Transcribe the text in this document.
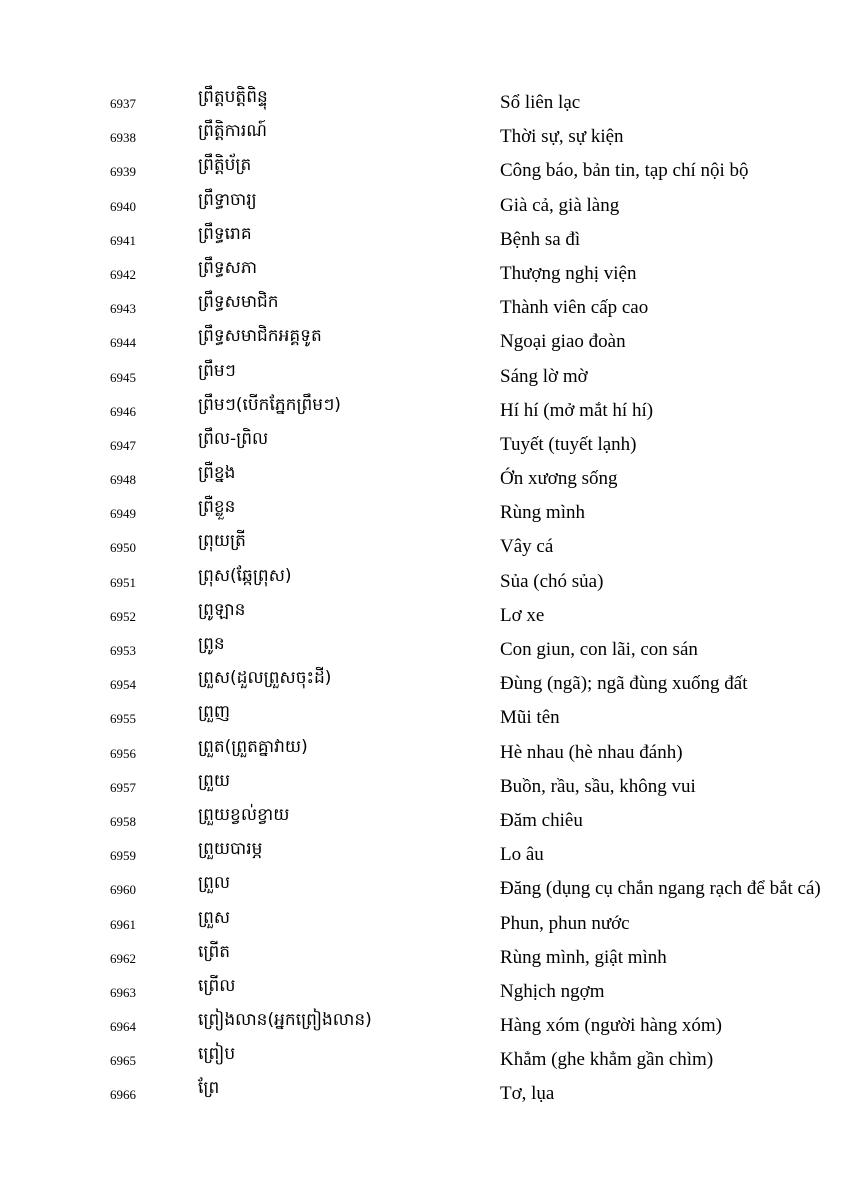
6937	ព្រឹត្តបត្តិពិន្ទុ	Sổ liên lạc
6938	ព្រឹត្តិការណ៍	Thời sự, sự kiện
6939	ព្រឹត្តិប័ត្រ	Công báo, bản tin, tạp chí nội bộ
6940	ព្រឹទ្ធាចារ្យ	Già cả, già làng
6941	ព្រឹទ្ធរោគ	Bệnh sa đì
6942	ព្រឹទ្ធសភា	Thượng nghị viện
6943	ព្រឹទ្ធសមាជិក	Thành viên cấp cao
6944	ព្រឹទ្ធសមាជិកអគ្គទូត	Ngoại giao đoàn
6945	ព្រឹមៗ	Sáng lờ mờ
6946	ព្រឹមៗ(បើកភ្នែកព្រឹមៗ)	Hí hí (mở mắt hí hí)
6947	ព្រឹល-ព្រិល	Tuyết (tuyết lạnh)
6948	ព្រឺខ្នង	Ớn xương sống
6949	ព្រឺខ្លួន	Rùng mình
6950	ព្រុយត្រី	Vây cá
6951	ព្រុស(ឆ្កែព្រុស)	Sủa (chó sủa)
6952	ព្រូឡាន	Lơ xe
6953	ព្រូន	Con giun, con lãi, con sán
6954	ព្រួស(ដួលព្រួសចុះដី)	Đùng (ngã); ngã đùng xuống đất
6955	ព្រួញ	Mũi tên
6956	ព្រួត(ព្រួតគ្នាវាយ)	Hè nhau (hè nhau đánh)
6957	ព្រួយ	Buồn, rầu, sầu, không vui
6958	ព្រួយខ្វល់ខ្វាយ	Đăm chiêu
6959	ព្រួយបារម្ភ	Lo âu
6960	ព្រួល	Đăng (dụng cụ chắn ngang rạch để bắt cá)
6961	ព្រួស	Phun, phun nước
6962	ព្រើត	Rùng mình, giật mình
6963	ព្រើល	Nghịch ngợm
6964	ព្រៀងលាន(អ្នកព្រៀងលាន)	Hàng xóm (người hàng xóm)
6965	ព្រៀប	Khẳm (ghe khẳm gần chìm)
6966	ព្រែ	Tơ, lụa
